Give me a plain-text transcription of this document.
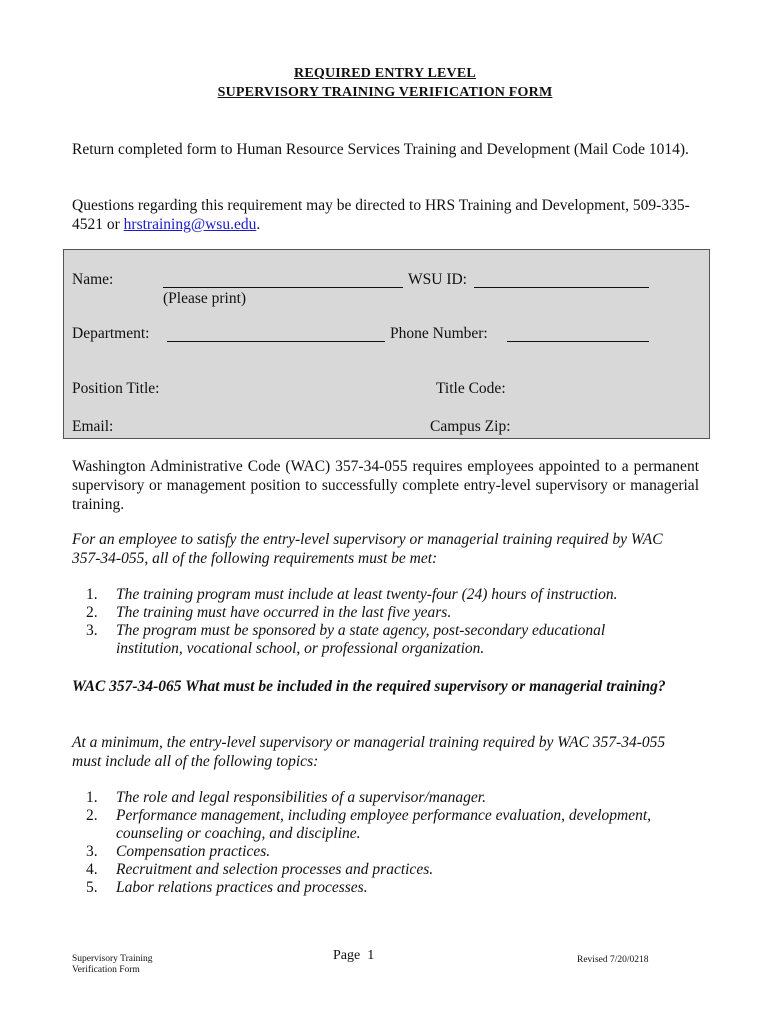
REQUIRED ENTRY LEVEL
SUPERVISORY TRAINING VERIFICATION FORM
Return completed form to Human Resource Services Training and Development (Mail Code 1014).
Questions regarding this requirement may be directed to HRS Training and Development, 509-335-4521 or hrstraining@wsu.edu.
Name:	WSU ID:
(Please print)
Department:	Phone Number:
Position Title:	Title Code:
Email:	Campus Zip:
Washington Administrative Code (WAC) 357-34-055 requires employees appointed to a permanent supervisory or management position to successfully complete entry-level supervisory or managerial training.
For an employee to satisfy the entry-level supervisory or managerial training required by WAC 357-34-055, all of the following requirements must be met:
1. The training program must include at least twenty-four (24) hours of instruction.
2. The training must have occurred in the last five years.
3. The program must be sponsored by a state agency, post-secondary educational institution, vocational school, or professional organization.
WAC 357-34-065 What must be included in the required supervisory or managerial training?
At a minimum, the entry-level supervisory or managerial training required by WAC 357-34-055 must include all of the following topics:
1. The role and legal responsibilities of a supervisor/manager.
2. Performance management, including employee performance evaluation, development, counseling or coaching, and discipline.
3. Compensation practices.
4. Recruitment and selection processes and practices.
5. Labor relations practices and processes.
Supervisory Training
Verification Form
Page 1	Revised 7/20/0218
